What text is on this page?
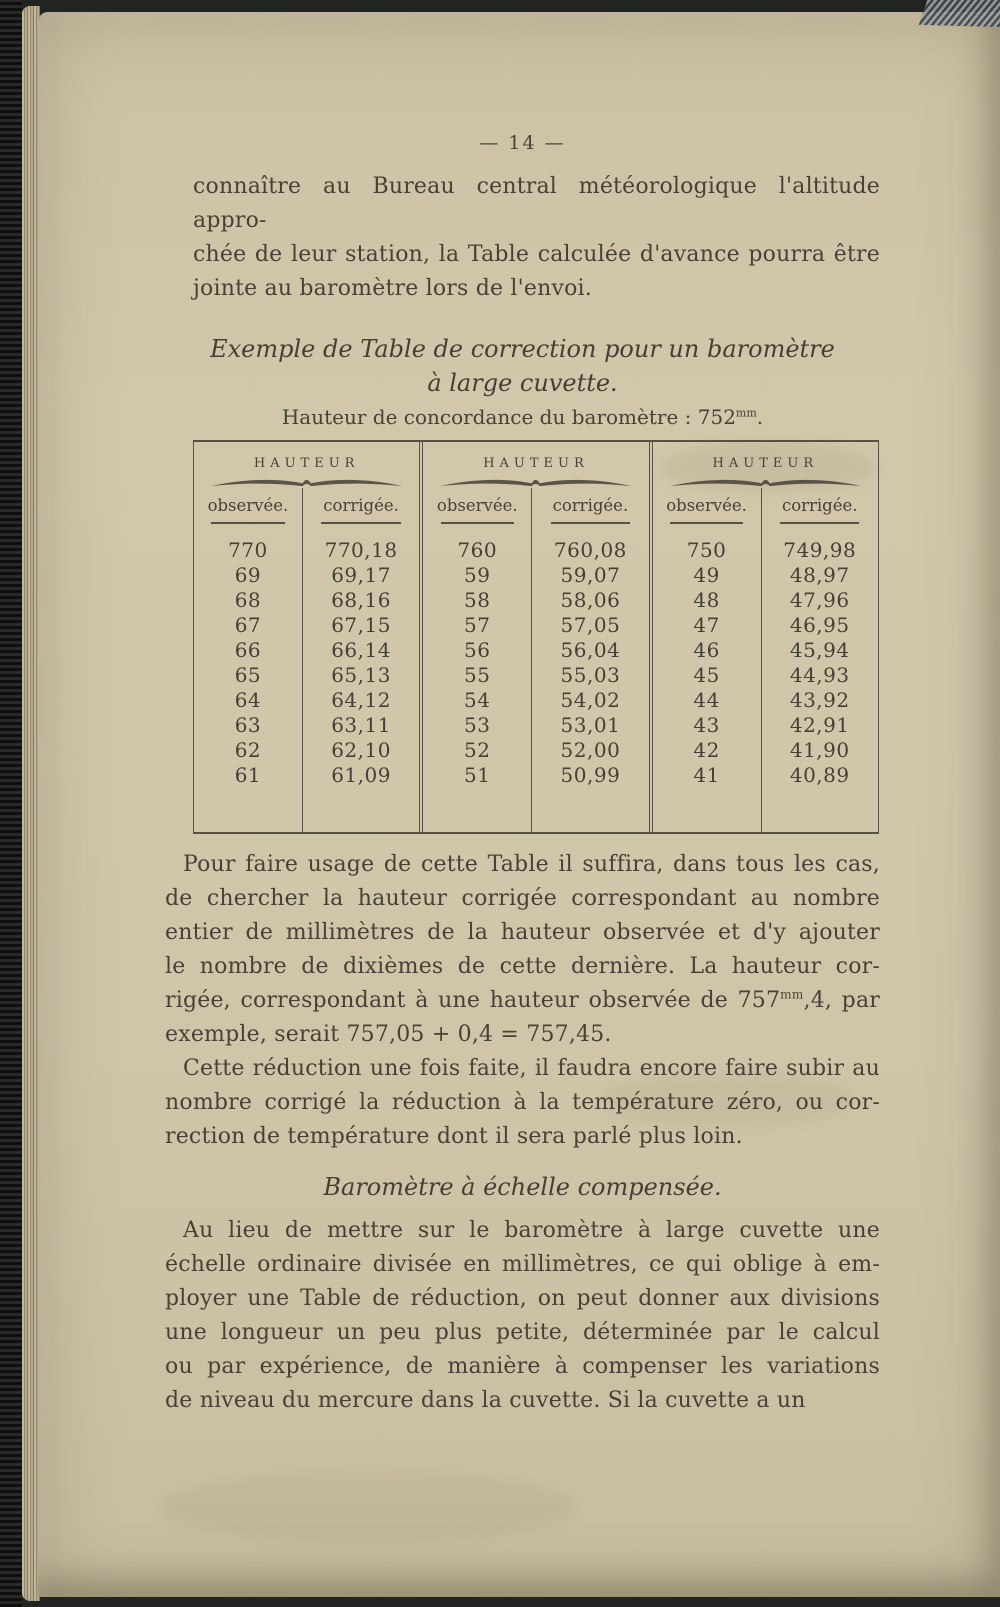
— 14 —
connaître au Bureau central météorologique l'altitude appro-
chée de leur station, la Table calculée d'avance pourra être
jointe au baromètre lors de l'envoi.
Exemple de Table de correction pour un baromètre
à large cuvette.
Hauteur de concordance du baromètre : $752^{mm}$.
HAUTEUR
observée.
770
69
68
67
66
65
64
63
62
61
corrigée.
770,18
69,17
68,16
67,15
66,14
65,13
64,12
63,11
62,10
61,09
HAUTEUR
observée.
760
59
58
57
56
55
54
53
52
51
corrigée.
760,08
59,07
58,06
57,05
56,04
55,03
54,02
53,01
52,00
50,99
HAUTEUR
observée.
750
49
48
47
46
45
44
43
42
41
corrigée.
749,98
48,97
47,96
46,95
45,94
44,93
43,92
42,91
41,90
40,89
Pour faire usage de cette Table il suffira, dans tous les cas,
de chercher la hauteur corrigée correspondant au nombre
entier de millimètres de la hauteur observée et d'y ajouter
le nombre de dixièmes de cette dernière. La hauteur cor-
rigée, correspondant à une hauteur observée de $757^{mm},4$, par
exemple, serait 757,05 + 0,4 = 757,45.
Cette réduction une fois faite, il faudra encore faire subir au
nombre corrigé la réduction à la température zéro, ou cor-
rection de température dont il sera parlé plus loin.
Baromètre à échelle compensée.
Au lieu de mettre sur le baromètre à large cuvette une
échelle ordinaire divisée en millimètres, ce qui oblige à em-
ployer une Table de réduction, on peut donner aux divisions
une longueur un peu plus petite, déterminée par le calcul
ou par expérience, de manière à compenser les variations
de niveau du mercure dans la cuvette. Si la cuvette a un
